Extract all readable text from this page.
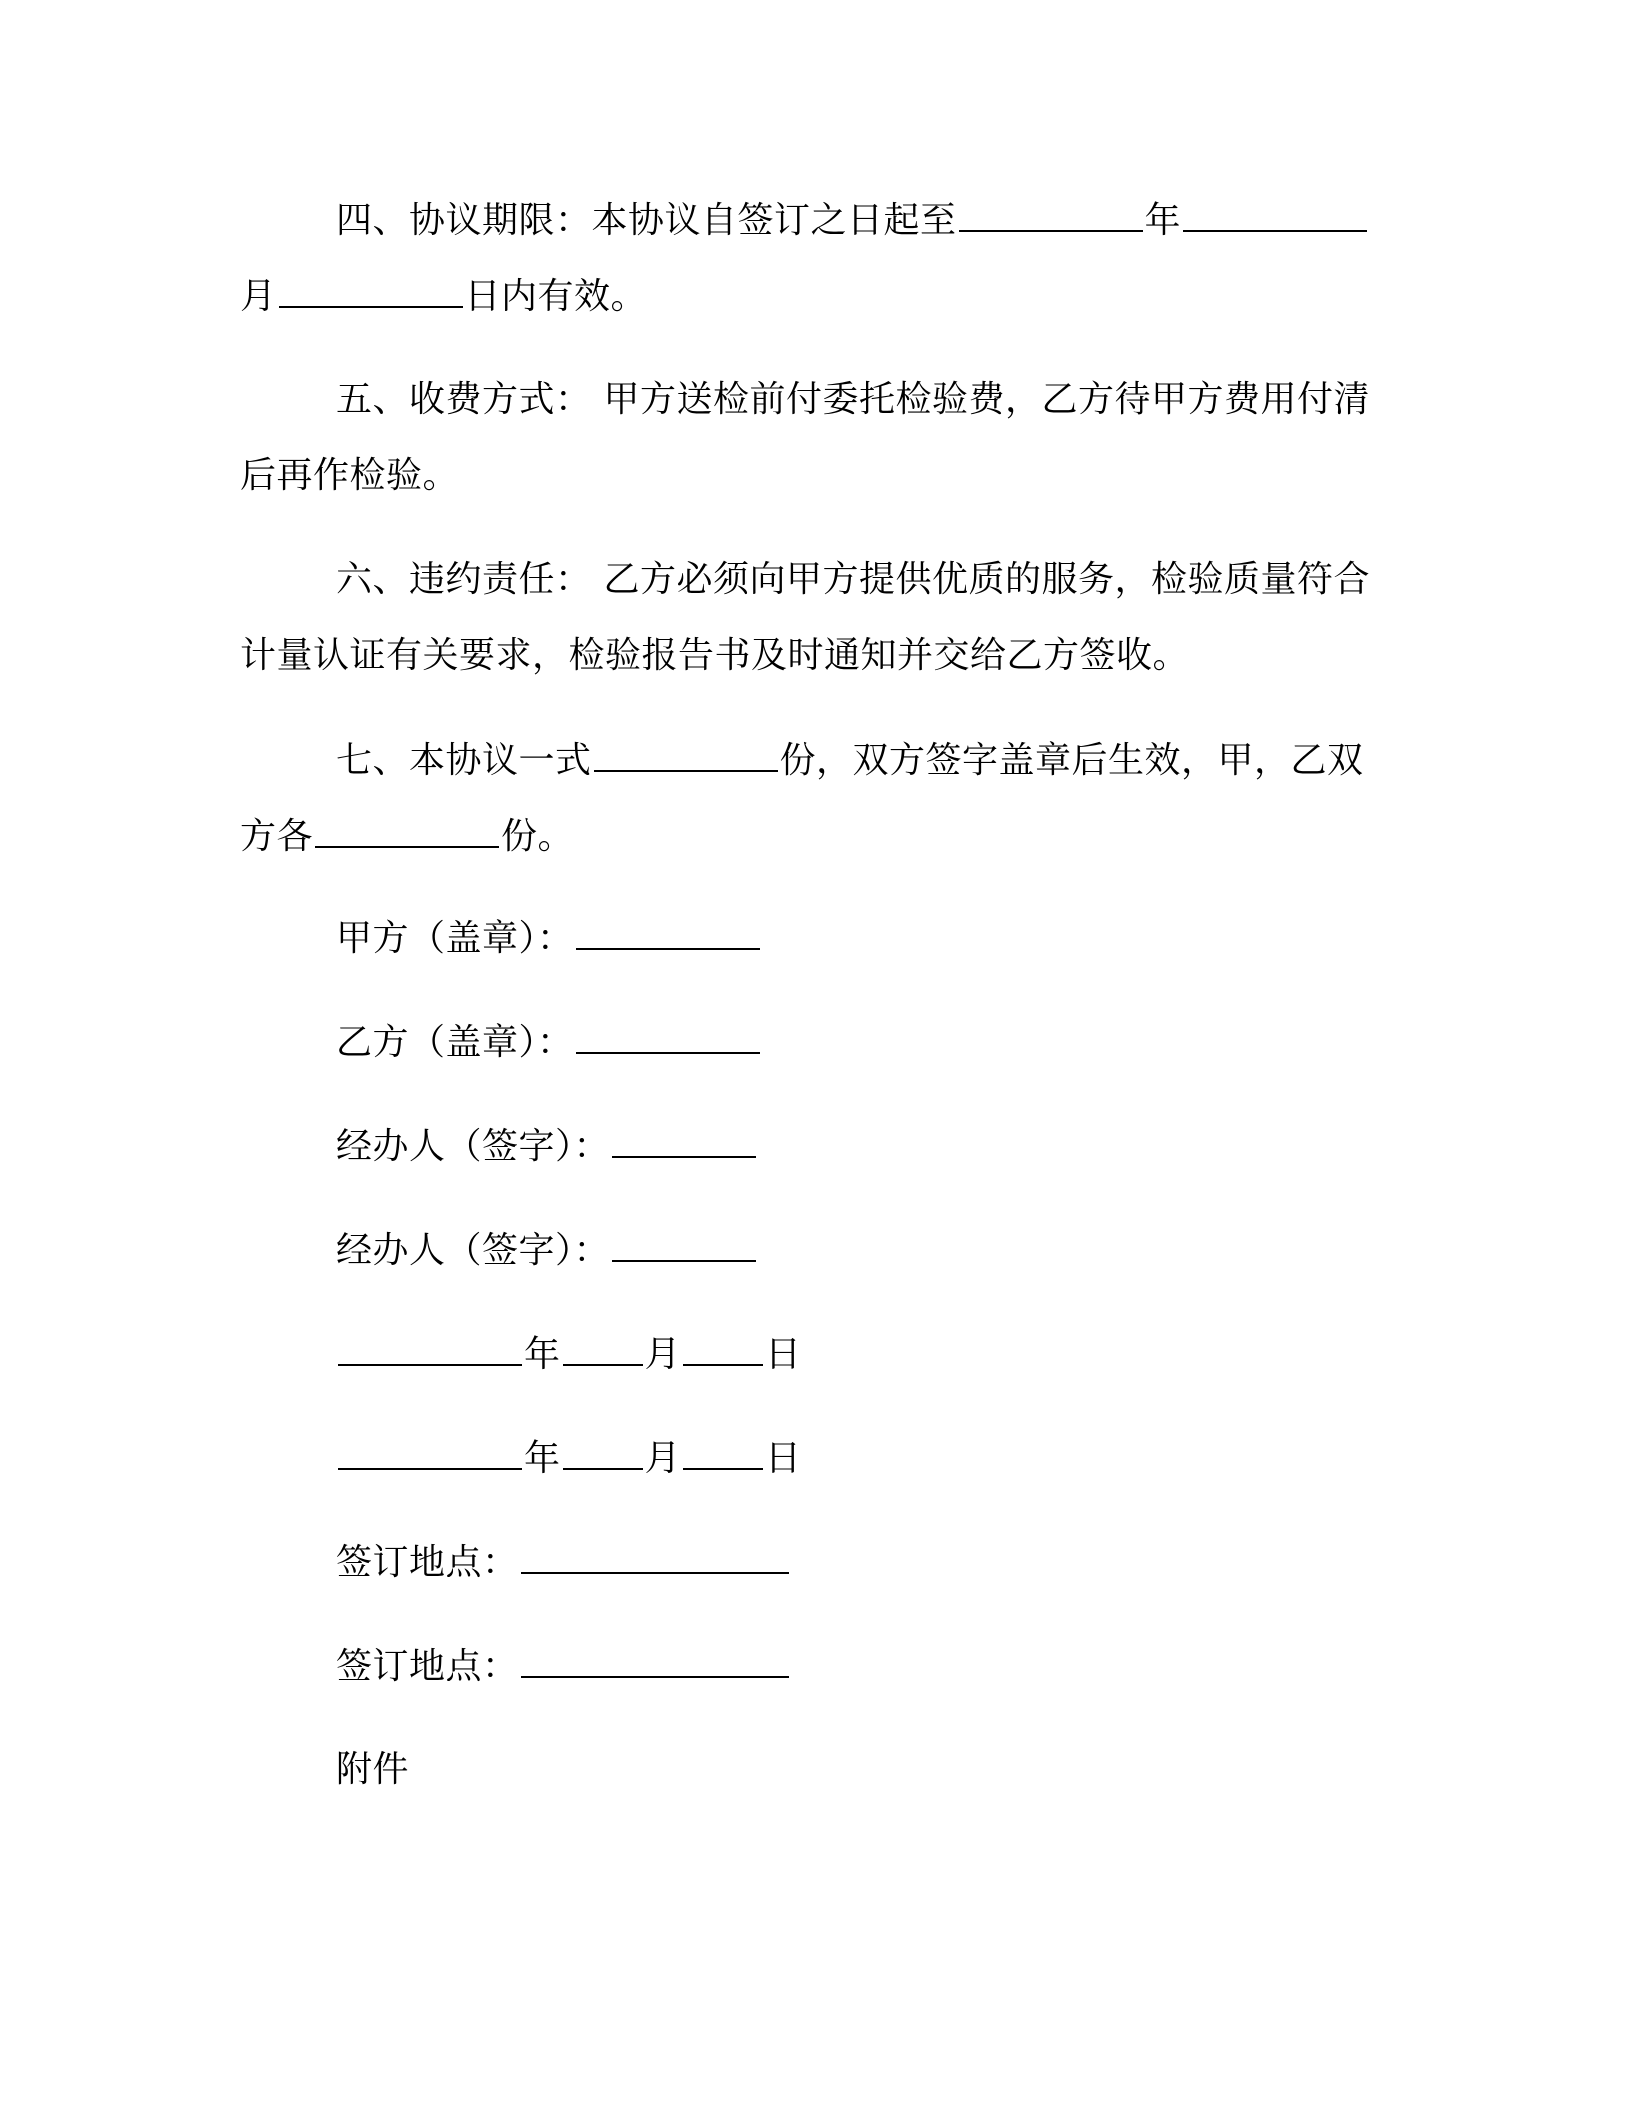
四、协议期限：本协议自签订之日起至	年
月	日内有效。
五、收费方式： 甲方送检前付委托检验费，乙方待甲方费用付清
后再作检验。
六、违约责任： 乙方必须向甲方提供优质的服务，检验质量符合
计量认证有关要求，检验报告书及时通知并交给乙方签收。
七、本协议一式	份，双方签字盖章后生效，甲，乙双
方各	份。
甲方（盖章）：
乙方（盖章）：
经办人（签字）：
经办人（签字）：
年 月 日
年 月 日
签订地点：
签订地点：
附件
